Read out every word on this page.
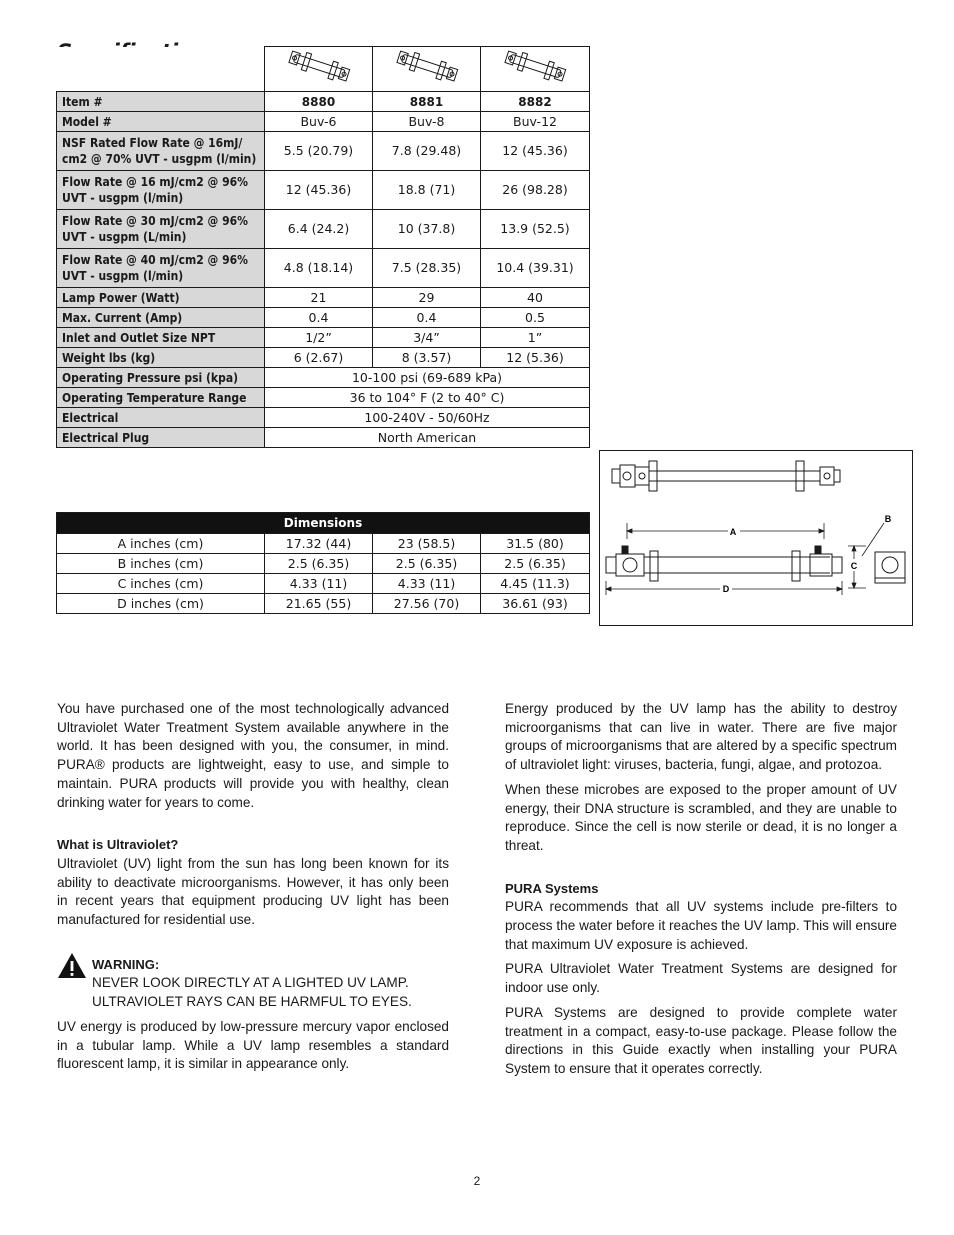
Item #	8880	8881	8882
Model #	Buv-6	Buv-8	Buv-12
NSF Rated Flow Rate @ 16mJ/ cm2 @ 70% UVT - usgpm (l/min)	5.5 (20.79)	7.8 (29.48)	12 (45.36)
Flow Rate @ 16 mJ/cm2 @ 96% UVT - usgpm (l/min)	12 (45.36)	18.8 (71)	26 (98.28)
Flow Rate @ 30 mJ/cm2 @ 96% UVT - usgpm (L/min)	6.4 (24.2)	10 (37.8)	13.9 (52.5)
Flow Rate @ 40 mJ/cm2 @ 96% UVT - usgpm (l/min)	4.8 (18.14)	7.5 (28.35)	10.4 (39.31)
Lamp Power (Watt)	21	29	40
Max. Current (Amp)	0.4	0.4	0.5
Inlet and Outlet Size NPT	1/2”	3/4”	1”
Weight lbs (kg)	6 (2.67)	8 (3.57)	12 (5.36)
Operating Pressure psi (kpa)	10-100 psi (69-689 kPa)		
Operating Temperature Range	36 to 104° F (2 to 40° C)		
Electrical	100-240V - 50/60Hz		
Electrical Plug	North American		
Dimensions			
A inches (cm)	17.32 (44)	23 (58.5)	31.5 (80)
B inches (cm)	2.5 (6.35)	2.5 (6.35)	2.5 (6.35)
C inches (cm)	4.33 (11)	4.33 (11)	4.45 (11.3)
D inches (cm)	21.65 (55)	27.56 (70)	36.61 (93)
A
B
C
D

You have purchased one of the most technologically advanced Ultraviolet Water Treatment System available anywhere in the world. It has been designed with you, the consumer, in mind. PURA® products are lightweight, easy to use, and simple to maintain. PURA products will provide you with healthy, clean drinking water for years to come.

What is Ultraviolet?

Ultraviolet (UV) light from the sun has long been known for its ability to deactivate microorganisms. However, it has only been in recent years that equipment producing UV light has been manufactured for residential use.

WARNING:
NEVER LOOK DIRECTLY AT A LIGHTED UV LAMP.
ULTRAVIOLET RAYS CAN BE HARMFUL TO EYES.

UV energy is produced by low-pressure mercury vapor enclosed in a tubular lamp. While a UV lamp resembles a standard fluorescent lamp, it is similar in appearance only.

Energy produced by the UV lamp has the ability to destroy microorganisms that can live in water. There are five major groups of microorganisms that are altered by a specific spectrum of ultraviolet light: viruses, bacteria, fungi, algae, and protozoa.

When these microbes are exposed to the proper amount of UV energy, their DNA structure is scrambled, and they are unable to reproduce. Since the cell is now sterile or dead, it is no longer a threat.

PURA Systems

PURA recommends that all UV systems include pre-filters to process the water before it reaches the UV lamp. This will ensure that maximum UV exposure is achieved.

PURA Ultraviolet Water Treatment Systems are designed for indoor use only.

PURA Systems are designed to provide complete water treatment in a compact, easy-to-use package. Please follow the directions in this Guide exactly when installing your PURA System to ensure that it operates correctly.

2
